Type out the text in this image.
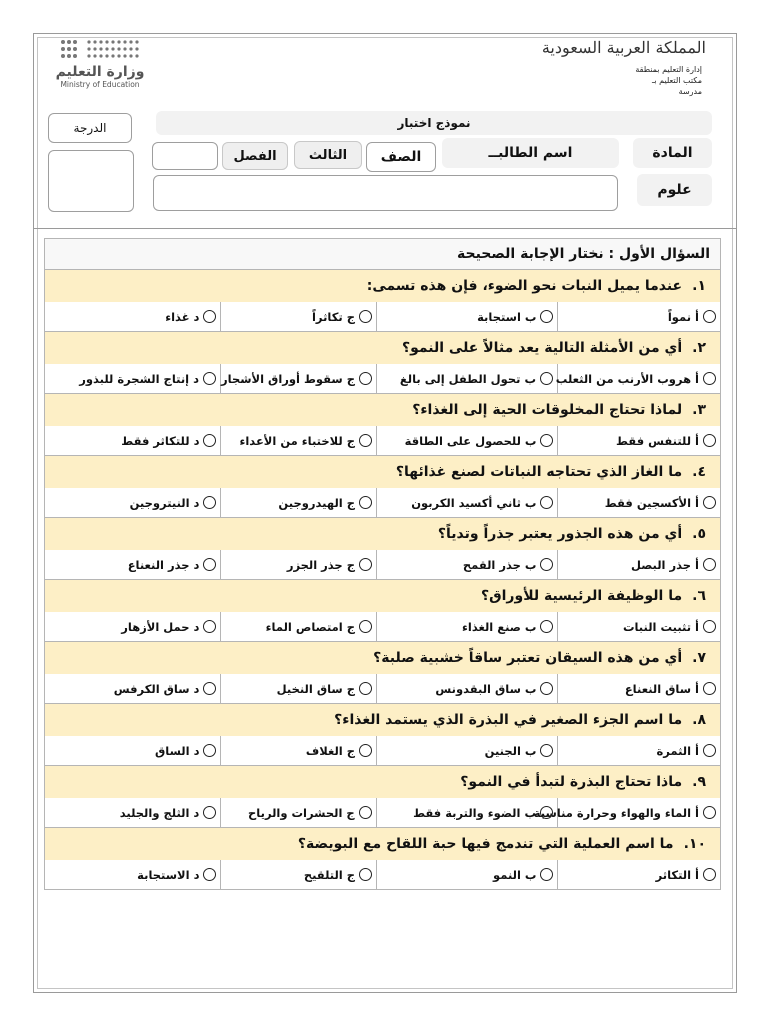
وزارة التعليم
Ministry of Education
المملكة العربية السعودية
إدارة التعليم بمنطقة
مكتب التعليم بـ
مدرسة
نموذج اختبار
الدرجة
المادة
علوم
اسم الطالبــ
الصف
الثالث
الفصل
السؤال الأول : نختار الإجابة الصحيحة
١.
عندما يميل النبات نحو الضوء، فإن هذه تسمى:
أ نمواً
ب استجابة
ج تكاثراً
د غذاء
٢.
أي من الأمثلة التالية يعد مثالاً على النمو؟
أ هروب الأرنب من الثعلب
ب تحول الطفل إلى بالغ
ج سقوط أوراق الأشجار
د إنتاج الشجرة للبذور
٣.
لماذا تحتاج المخلوقات الحية إلى الغذاء؟
أ للتنفس فقط
ب للحصول على الطاقة
ج للاختباء من الأعداء
د للتكاثر فقط
٤.
ما الغاز الذي تحتاجه النباتات لصنع غذائها؟
أ الأكسجين فقط
ب ثاني أكسيد الكربون
ج الهيدروجين
د النيتروجين
٥.
أي من هذه الجذور يعتبر جذراً وتدياً؟
أ جذر البصل
ب جذر القمح
ج جذر الجزر
د جذر النعناع
٦.
ما الوظيفة الرئيسية للأوراق؟
أ تثبيت النبات
ب صنع الغذاء
ج امتصاص الماء
د حمل الأزهار
٧.
أي من هذه السيقان تعتبر ساقاً خشبية صلبة؟
أ ساق النعناع
ب ساق البقدونس
ج ساق النخيل
د ساق الكرفس
٨.
ما اسم الجزء الصغير في البذرة الذي يستمد الغذاء؟
أ الثمرة
ب الجنين
ج الغلاف
د الساق
٩.
ماذا تحتاج البذرة لتبدأ في النمو؟
أ الماء والهواء وحرارة مناسبة
ب الضوء والتربة فقط
ج الحشرات والرياح
د الثلج والجليد
١٠.
ما اسم العملية التي تندمج فيها حبة اللقاح مع البويضة؟
أ التكاثر
ب النمو
ج التلقيح
د الاستجابة
